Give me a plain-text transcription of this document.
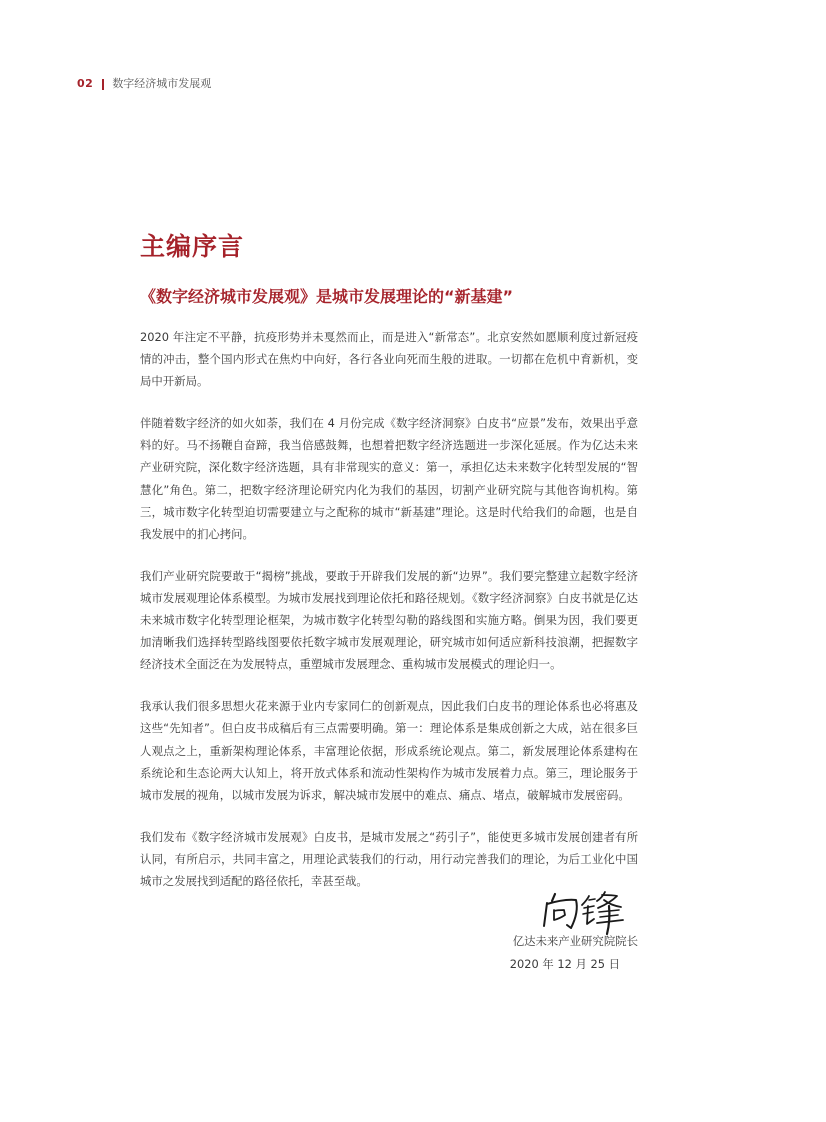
02 数字经济城市发展观
主编序言
《数字经济城市发展观》是城市发展理论的“新基建”

2020 年注定不平静，抗疫形势并未戛然而止，而是进入“新常态”。北京安然如愿顺利度过新冠疫情的冲击，整个国内形式在焦灼中向好，各行各业向死而生般的进取。一切都在危机中育新机，变局中开新局。

伴随着数字经济的如火如荼，我们在 4 月份完成《数字经济洞察》白皮书“应景”发布，效果出乎意料的好。马不扬鞭自奋蹄，我当倍感鼓舞，也想着把数字经济选题进一步深化延展。作为亿达未来产业研究院，深化数字经济选题，具有非常现实的意义：第一，承担亿达未来数字化转型发展的“智慧化”角色。第二，把数字经济理论研究内化为我们的基因，切割产业研究院与其他咨询机构。第三，城市数字化转型迫切需要建立与之配称的城市“新基建”理论。这是时代给我们的命题，也是自我发展中的扪心拷问。

我们产业研究院要敢于“揭榜”挑战，要敢于开辟我们发展的新“边界”。我们要完整建立起数字经济城市发展观理论体系模型。为城市发展找到理论依托和路径规划。《数字经济洞察》白皮书就是亿达未来城市数字化转型理论框架，为城市数字化转型勾勒的路线图和实施方略。倒果为因，我们要更加清晰我们选择转型路线图要依托数字城市发展观理论，研究城市如何适应新科技浪潮，把握数字经济技术全面泛在为发展特点，重塑城市发展理念、重构城市发展模式的理论归一。

我承认我们很多思想火花来源于业内专家同仁的创新观点，因此我们白皮书的理论体系也必将惠及这些“先知者”。但白皮书成稿后有三点需要明确。第一：理论体系是集成创新之大成，站在很多巨人观点之上，重新架构理论体系，丰富理论依据，形成系统论观点。第二，新发展理论体系建构在系统论和生态论两大认知上，将开放式体系和流动性架构作为城市发展着力点。第三，理论服务于城市发展的视角，以城市发展为诉求，解决城市发展中的难点、痛点、堵点，破解城市发展密码。

我们发布《数字经济城市发展观》白皮书，是城市发展之“药引子”，能使更多城市发展创建者有所认同，有所启示，共同丰富之，用理论武装我们的行动，用行动完善我们的理论，为后工业化中国城市之发展找到适配的路径依托，幸甚至哉。

亿达未来产业研究院院长

2020 年 12 月 25 日
